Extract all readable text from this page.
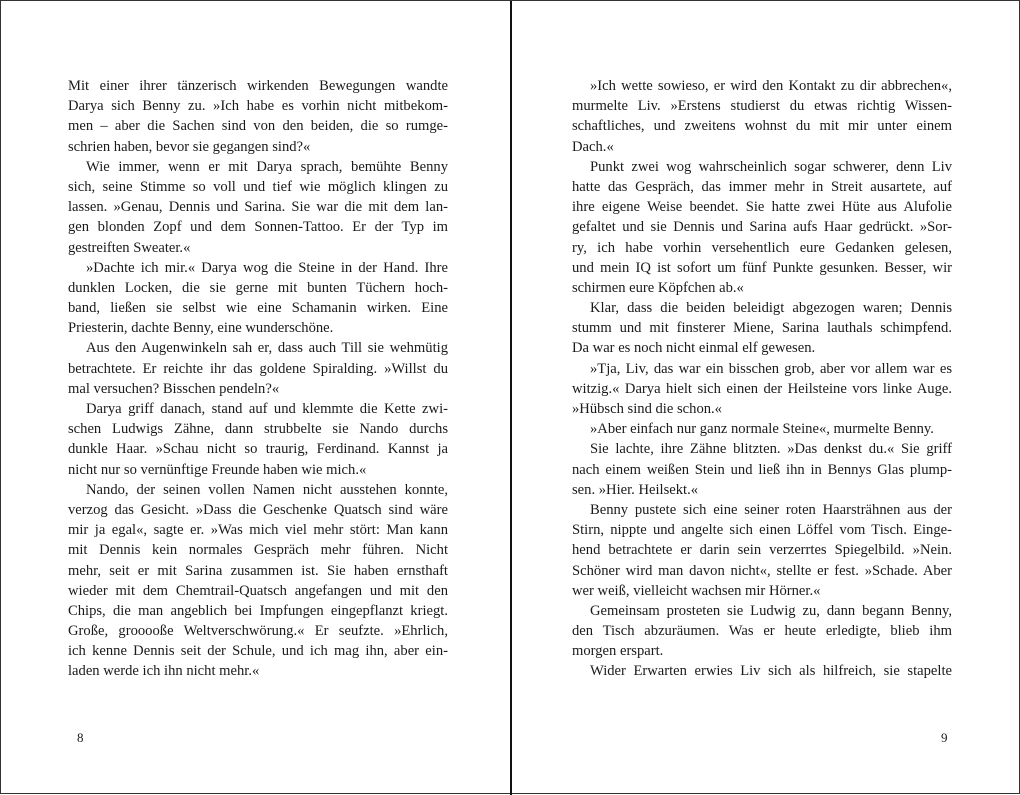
Mit einer ihrer tänzerisch wirkenden Bewegungen wandte
Darya sich Benny zu. »Ich habe es vorhin nicht mitbekom-
men – aber die Sachen sind von den beiden, die so rumge-
schrien haben, bevor sie gegangen sind?«
Wie immer, wenn er mit Darya sprach, bemühte Benny
sich, seine Stimme so voll und tief wie möglich klingen zu
lassen. »Genau, Dennis und Sarina. Sie war die mit dem lan-
gen blonden Zopf und dem Sonnen-Tattoo. Er der Typ im
gestreiften Sweater.«
»Dachte ich mir.« Darya wog die Steine in der Hand. Ihre
dunklen Locken, die sie gerne mit bunten Tüchern hoch-
band, ließen sie selbst wie eine Schamanin wirken. Eine
Priesterin, dachte Benny, eine wunderschöne.
Aus den Augenwinkeln sah er, dass auch Till sie wehmütig
betrachtete. Er reichte ihr das goldene Spiralding. »Willst du
mal versuchen? Bisschen pendeln?«
Darya griff danach, stand auf und klemmte die Kette zwi-
schen Ludwigs Zähne, dann strubbelte sie Nando durchs
dunkle Haar. »Schau nicht so traurig, Ferdinand. Kannst ja
nicht nur so vernünftige Freunde haben wie mich.«
Nando, der seinen vollen Namen nicht ausstehen konnte,
verzog das Gesicht. »Dass die Geschenke Quatsch sind wäre
mir ja egal«, sagte er. »Was mich viel mehr stört: Man kann
mit Dennis kein normales Gespräch mehr führen. Nicht
mehr, seit er mit Sarina zusammen ist. Sie haben ernsthaft
wieder mit dem Chemtrail-Quatsch angefangen und mit den
Chips, die man angeblich bei Impfungen eingepflanzt kriegt.
Große, grooooße Weltverschwörung.« Er seufzte. »Ehrlich,
ich kenne Dennis seit der Schule, und ich mag ihn, aber ein-
laden werde ich ihn nicht mehr.«
8
»Ich wette sowieso, er wird den Kontakt zu dir abbrechen«,
murmelte Liv. »Erstens studierst du etwas richtig Wissen-
schaftliches, und zweitens wohnst du mit mir unter einem
Dach.«
Punkt zwei wog wahrscheinlich sogar schwerer, denn Liv
hatte das Gespräch, das immer mehr in Streit ausartete, auf
ihre eigene Weise beendet. Sie hatte zwei Hüte aus Alufolie
gefaltet und sie Dennis und Sarina aufs Haar gedrückt. »Sor-
ry, ich habe vorhin versehentlich eure Gedanken gelesen,
und mein IQ ist sofort um fünf Punkte gesunken. Besser, wir
schirmen eure Köpfchen ab.«
Klar, dass die beiden beleidigt abgezogen waren; Dennis
stumm und mit finsterer Miene, Sarina lauthals schimpfend.
Da war es noch nicht einmal elf gewesen.
»Tja, Liv, das war ein bisschen grob, aber vor allem war es
witzig.« Darya hielt sich einen der Heilsteine vors linke Auge.
»Hübsch sind die schon.«
»Aber einfach nur ganz normale Steine«, murmelte Benny.
Sie lachte, ihre Zähne blitzten. »Das denkst du.« Sie griff
nach einem weißen Stein und ließ ihn in Bennys Glas plump-
sen. »Hier. Heilsekt.«
Benny pustete sich eine seiner roten Haarsträhnen aus der
Stirn, nippte und angelte sich einen Löffel vom Tisch. Einge-
hend betrachtete er darin sein verzerrtes Spiegelbild. »Nein.
Schöner wird man davon nicht«, stellte er fest. »Schade. Aber
wer weiß, vielleicht wachsen mir Hörner.«
Gemeinsam prosteten sie Ludwig zu, dann begann Benny,
den Tisch abzuräumen. Was er heute erledigte, blieb ihm
morgen erspart.
Wider Erwarten erwies Liv sich als hilfreich, sie stapelte
9
